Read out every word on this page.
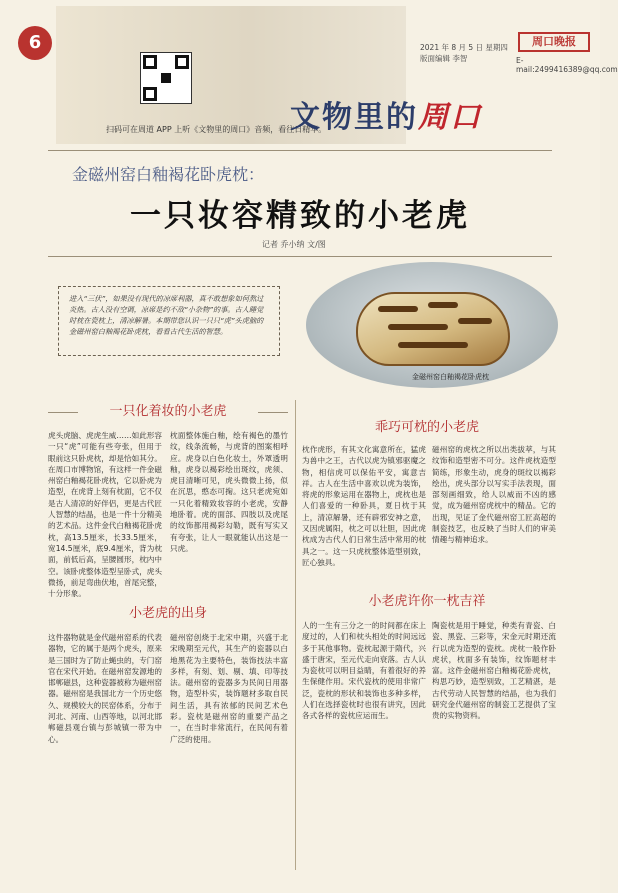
6
扫码可在周道 APP 上听《文物里的周口》音频，看往日精华。
2021 年 8 月 5 日 星期四
版面编辑 李智
周口晚报
E-mail:2499416389@qq.com
文物里的周口
金磁州窑白釉褐花卧虎枕：
一只妆容精致的小老虎
记者 乔小纳 文/图
进入“三伏”，如果没有现代的凉席利器，真不敢想象如何熬过炎热。古人没有空调，凉席是约不敌“小杂物”的事。古人睡觉时枕在瓷枕上，清凉解暑。本期带您认识一只只“虎”头虎脑的金磁州窑白釉褐花卧虎枕，看看古代生活的智慧。
金磁州窑白釉褐花卧虎枕
一只化着妆的小老虎
虎头虎脑、虎虎生威……如此形容一只“虎”可能有些夸张，但用于眼前这只卧虎枕，却是恰如其分。在周口市博物馆，有这样一件金磁州窑白釉褐花卧虎枕，它以卧虎为造型，在虎背上刻有枕面，它不仅是古人清凉的好伴侣，更是古代匠人智慧的结晶，也是一件十分精美的艺术品。这件金代白釉褐花卧虎枕，高13.5厘米，长33.5厘米，宽14.5厘米，底9.4厘米，背为枕面，前低后高，呈腰圆形，枕内中空。该卧虎整体造型呈卧式，虎头微扬，前足弯曲伏地，首尾完整，十分形象。
枕面整体施白釉，绘有褐色的墨竹纹，线条流畅，与虎背的图案相呼应。虎身以白色化妆土，外罩透明釉，虎身以褐彩绘出斑纹，虎须、虎目清晰可见，虎头微微上扬，似在沉思，憨态可掬。这只老虎宛如一只化着精致妆容的小老虎，安静地卧着。虎的面部、四肢以及虎尾的纹饰都用褐彩勾勒，既有写实又有夸张，让人一眼就能认出这是一只虎。
乖巧可枕的小老虎
枕作虎形，有其文化寓意所在，猛虎为兽中之王，古代以虎为镇邪驱魔之物，相信虎可以保佑平安，寓意吉祥。古人在生活中喜欢以虎为装饰，将虎的形象运用在器物上，虎枕也是人们喜爱的一种卧具，夏日枕于其上，清凉解暑，还有辟邪安神之意，又因虎属阳，枕之可以壮胆，因此虎枕成为古代人们日常生活中常用的枕具之一。这一只虎枕整体造型别致，匠心独具。
磁州窑的虎枕之所以出类拔萃，与其纹饰和造型密不可分。这件虎枕造型简练，形象生动，虎身的斑纹以褐彩绘出，虎头部分以写实手法表现，面部刻画细致，给人以威而不凶的感觉，成为磁州窑虎枕中的精品。它的出现，见证了金代磁州窑工匠高超的制瓷技艺，也反映了当时人们的审美情趣与精神追求。
小老虎的出身
这件器物就是金代磁州窑系的代表器物，它的属于是两个虎头，原来是三国时为了防止蝇虫的，专门窑官在宋代开始。在磁州窑发源地的邯郸磁县，这种瓷器被称为磁州窑器。磁州窑是我国北方一个历史悠久、规模较大的民窑体系，分布于河北、河南、山西等地，以河北邯郸磁县观台镇与彭城镇一带为中心。
磁州窑创烧于北宋中期，兴盛于北宋晚期至元代，其生产的瓷器以白地黑花为主要特色，装饰技法丰富多样，有刻、划、剔、填、印等技法。磁州窑的瓷器多为民间日用器物，造型朴实，装饰题材多取自民间生活，具有浓郁的民间艺术色彩。瓷枕是磁州窑的重要产品之一，在当时非常流行，在民间有着广泛的使用。
小老虎许你一枕吉祥
人的一生有三分之一的时间都在床上度过的，人们和枕头相处的时间远远多于其他事物。瓷枕起源于隋代，兴盛于唐宋，至元代走向衰落。古人认为瓷枕可以明目益睛，有着很好的养生保健作用。宋代瓷枕的使用非常广泛，瓷枕的形状和装饰也多种多样，人们在选择瓷枕时也很有讲究，因此各式各样的瓷枕应运而生。
陶瓷枕是用于睡觉，种类有青瓷、白瓷、黑瓷、三彩等，宋金元时期还流行以虎为造型的瓷枕。虎枕一般作卧虎状，枕面多有装饰，纹饰题材丰富。这件金磁州窑白釉褐花卧虎枕，构思巧妙，造型别致，工艺精湛，是古代劳动人民智慧的结晶，也为我们研究金代磁州窑的制瓷工艺提供了宝贵的实物资料。
